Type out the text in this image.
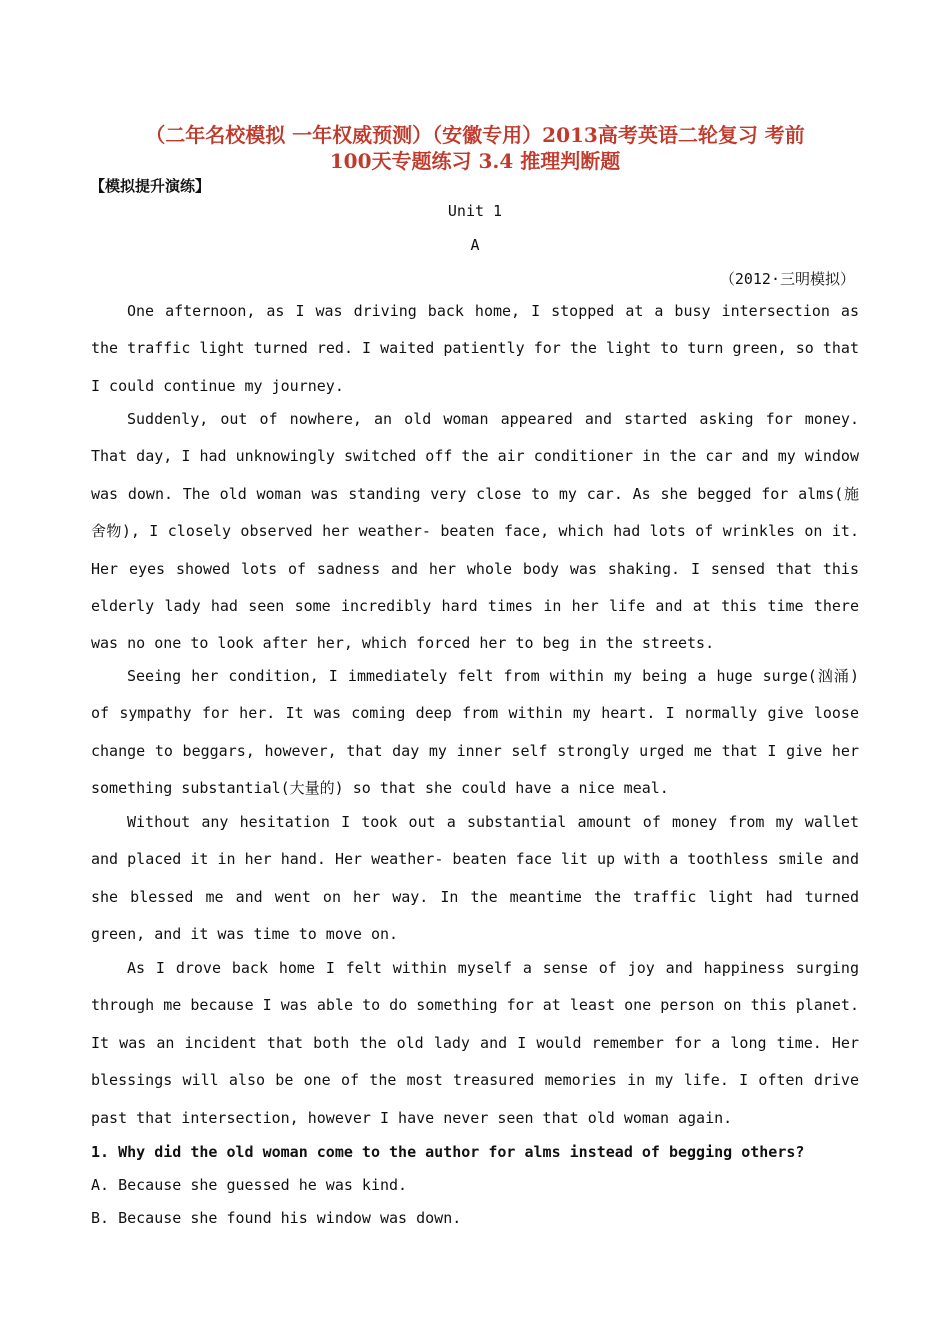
（二年名校模拟 一年权威预测）（安徽专用）2013高考英语二轮复习 考前
100天专题练习 3.4 推理判断题
【模拟提升演练】
Unit 1
A
（2012·三明模拟）
One afternoon, as I was driving back home, I stopped at a busy intersection as the traffic light turned red. I waited patiently for the light to turn green, so that I could continue my journey.
Suddenly, out of nowhere, an old woman appeared and started asking for money. That day, I had unknowingly switched off the air conditioner in the car and my window was down. The old woman was standing very close to my car. As she begged for alms(施舍物), I closely observed her weather- beaten face, which had lots of wrinkles on it. Her eyes showed lots of sadness and her whole body was shaking. I sensed that this elderly lady had seen some incredibly hard times in her life and at this time there was no one to look after her, which forced her to beg in the streets.
Seeing her condition, I immediately felt from within my being a huge surge(汹涌) of sympathy for her. It was coming deep from within my heart. I normally give loose change to beggars, however, that day my inner self strongly urged me that I give her something substantial(大量的) so that she could have a nice meal.
Without any hesitation I took out a substantial amount of money from my wallet and placed it in her hand. Her weather- beaten face lit up with a toothless smile and she blessed me and went on her way. In the meantime the traffic light had turned green, and it was time to move on.
As I drove back home I felt within myself a sense of joy and happiness surging through me because I was able to do something for at least one person on this planet. It was an incident that both the old lady and I would remember for a long time. Her blessings will also be one of the most treasured memories in my life. I often drive past that intersection, however I have never seen that old woman again.
1. Why did the old woman come to the author for alms instead of begging others?
A. Because she guessed he was kind.
B. Because she found his window was down.
